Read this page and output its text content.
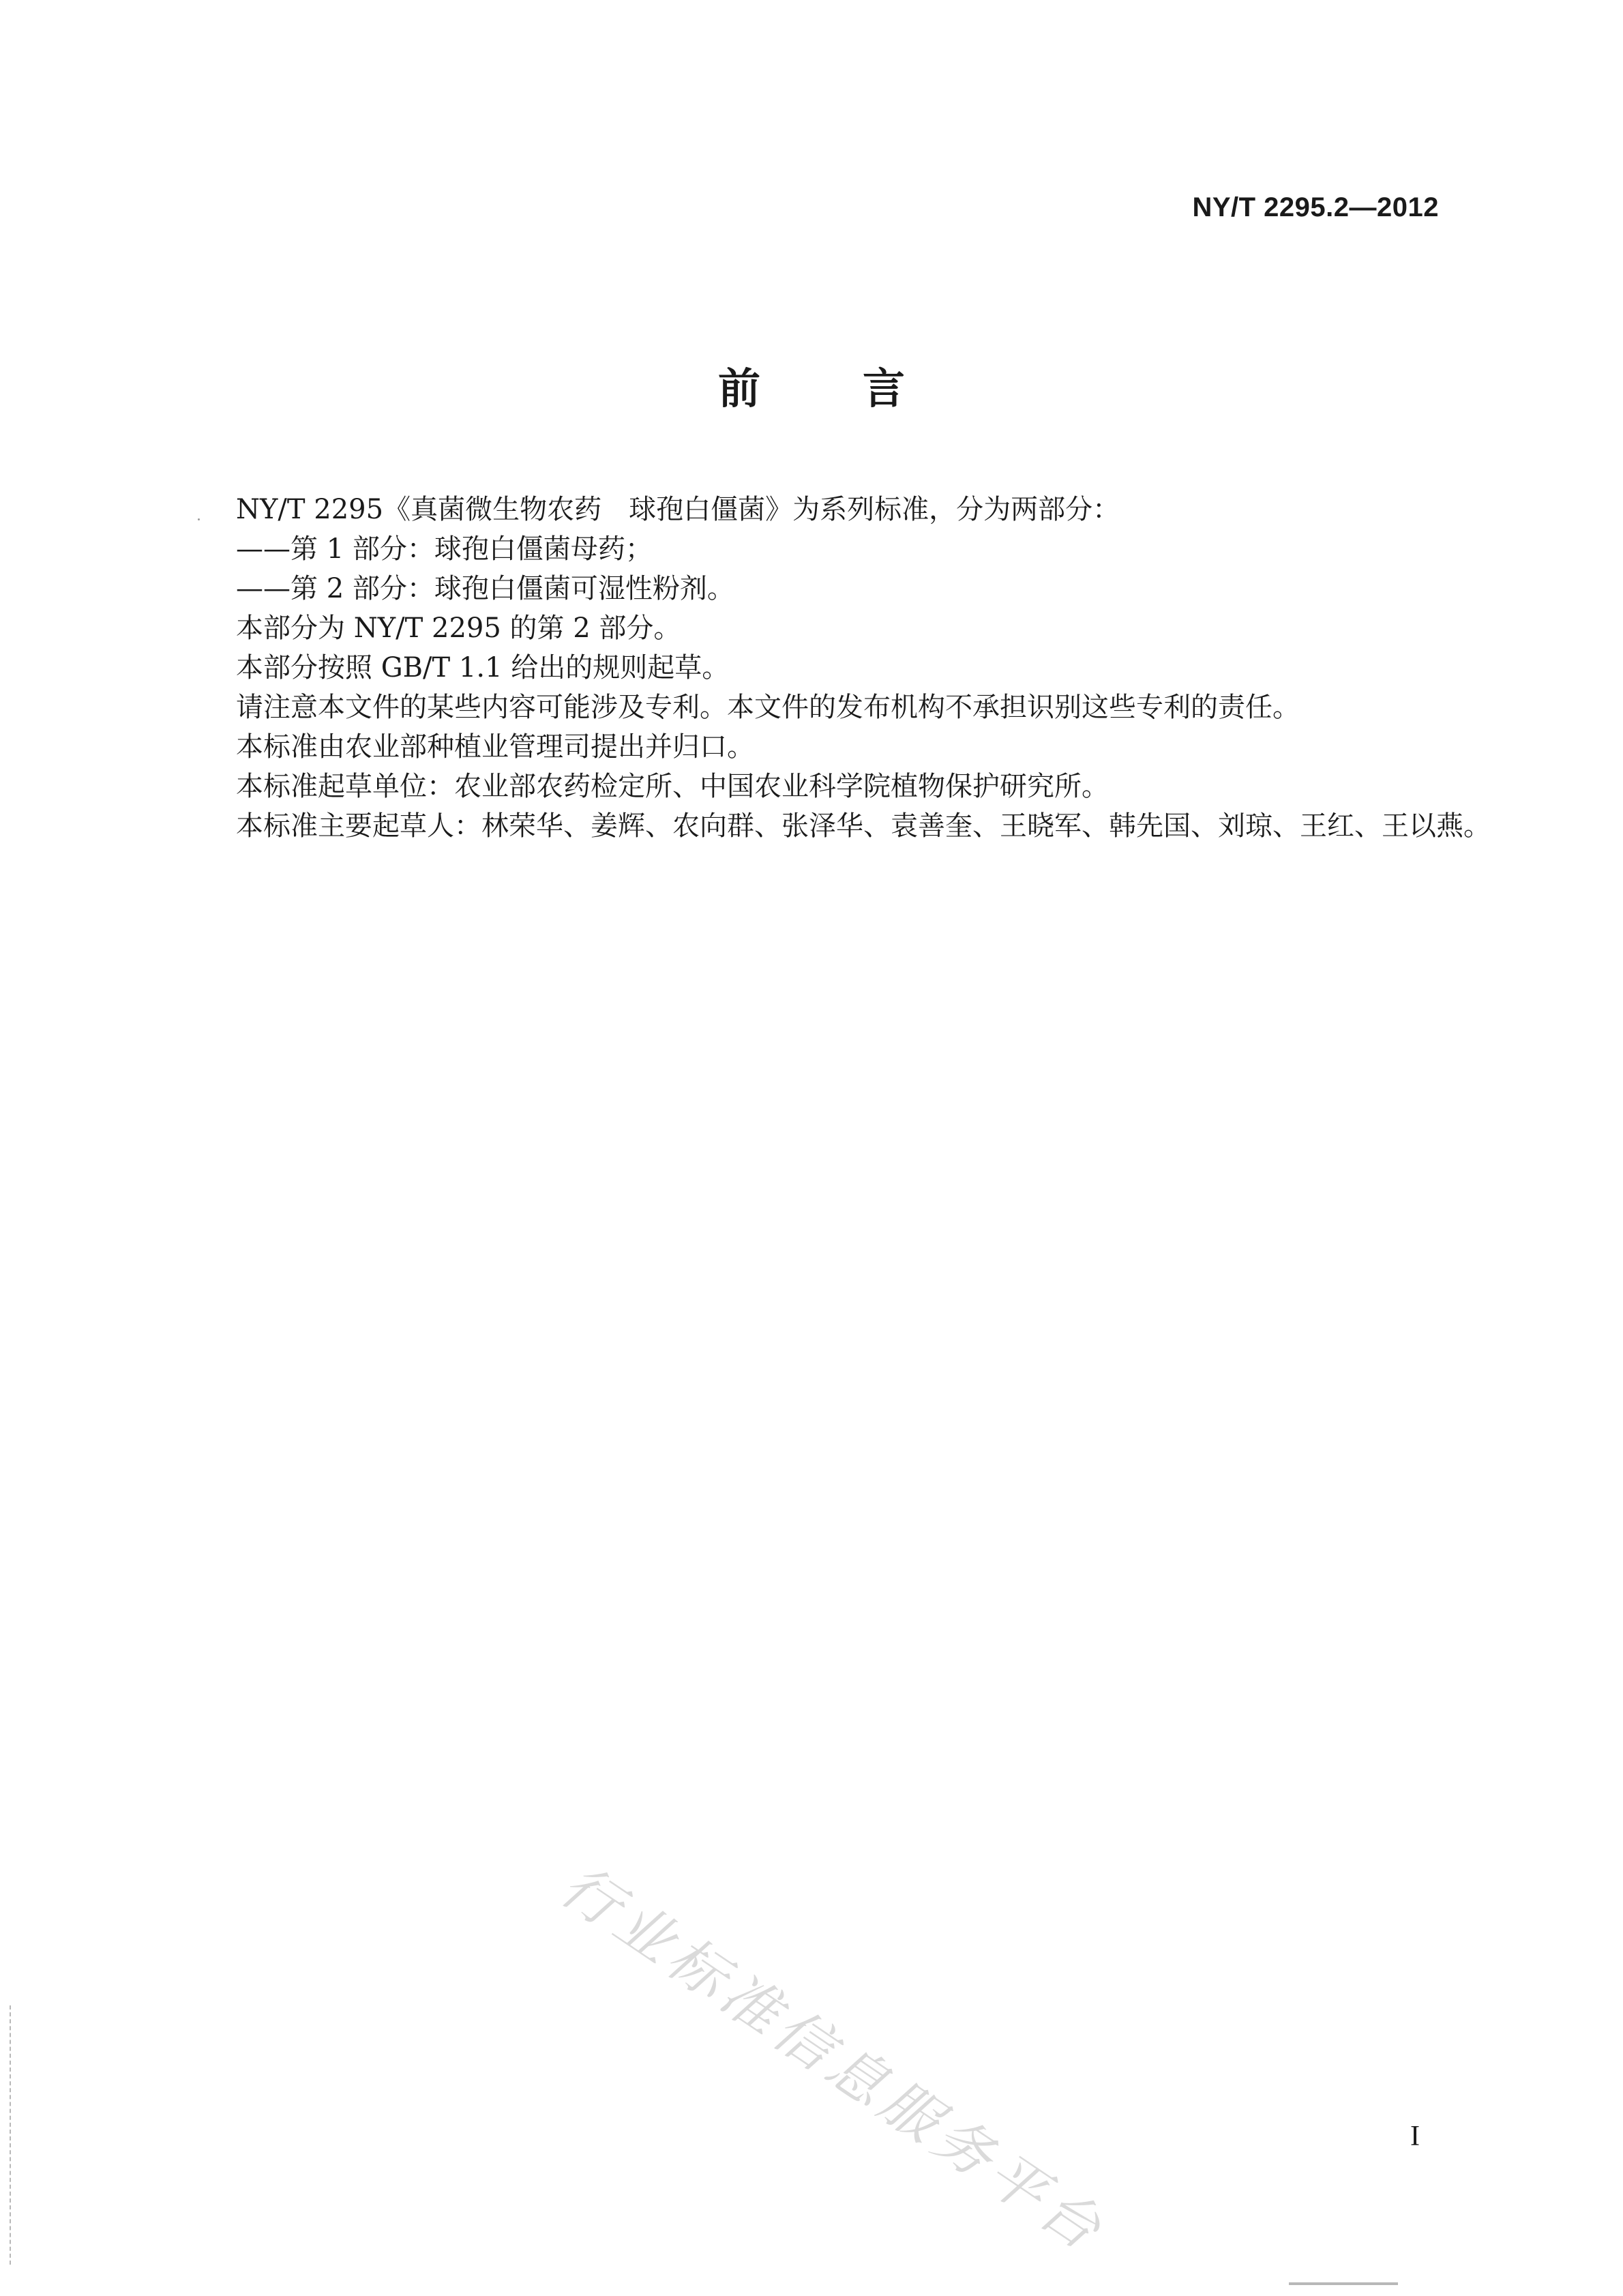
NY/T 2295.2—2012
前言

NY/T 2295《真菌微生物农药　球孢白僵菌》为系列标准，分为两部分：

——第 1 部分：球孢白僵菌母药；

——第 2 部分：球孢白僵菌可湿性粉剂。

本部分为 NY/T 2295 的第 2 部分。

本部分按照 GB/T 1.1 给出的规则起草。

请注意本文件的某些内容可能涉及专利。本文件的发布机构不承担识别这些专利的责任。

本标准由农业部种植业管理司提出并归口。

本标准起草单位：农业部农药检定所、中国农业科学院植物保护研究所。

本标准主要起草人：林荣华、姜辉、农向群、张泽华、袁善奎、王晓军、韩先国、刘琼、王红、王以燕。

行业标准信息服务平台	I
